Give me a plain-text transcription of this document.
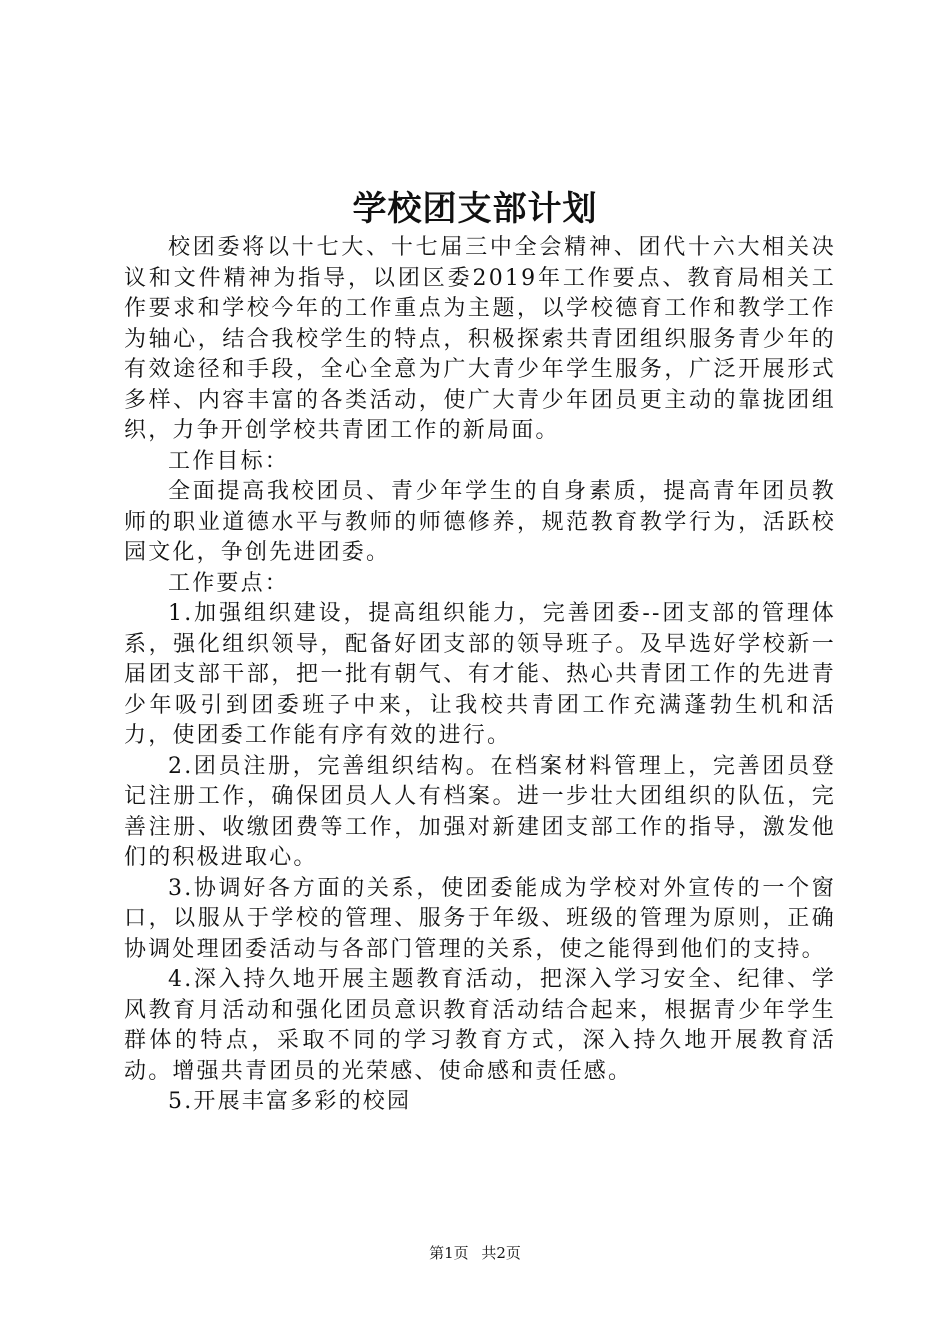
学校团支部计划

校团委将以十七大、十七届三中全会精神、团代十六大相关决议和文件精神为指导，以团区委2019年工作要点、教育局相关工作要求和学校今年的工作重点为主题，以学校德育工作和教学工作为轴心，结合我校学生的特点，积极探索共青团组织服务青少年的有效途径和手段，全心全意为广大青少年学生服务，广泛开展形式多样、内容丰富的各类活动，使广大青少年团员更主动的靠拢团组织，力争开创学校共青团工作的新局面。

工作目标：

全面提高我校团员、青少年学生的自身素质，提高青年团员教师的职业道德水平与教师的师德修养，规范教育教学行为，活跃校园文化，争创先进团委。

工作要点：

1.加强组织建设，提高组织能力，完善团委--团支部的管理体系，强化组织领导，配备好团支部的领导班子。及早选好学校新一届团支部干部，把一批有朝气、有才能、热心共青团工作的先进青少年吸引到团委班子中来，让我校共青团工作充满蓬勃生机和活力，使团委工作能有序有效的进行。

2.团员注册，完善组织结构。在档案材料管理上，完善团员登记注册工作，确保团员人人有档案。进一步壮大团组织的队伍，完善注册、收缴团费等工作，加强对新建团支部工作的指导，激发他们的积极进取心。

3.协调好各方面的关系，使团委能成为学校对外宣传的一个窗口，以服从于学校的管理、服务于年级、班级的管理为原则，正确协调处理团委活动与各部门管理的关系，使之能得到他们的支持。

4.深入持久地开展主题教育活动，把深入学习安全、纪律、学风教育月活动和强化团员意识教育活动结合起来，根据青少年学生群体的特点，采取不同的学习教育方式，深入持久地开展教育活动。增强共青团员的光荣感、使命感和责任感。

5.开展丰富多彩的校园

第1页 共2页
